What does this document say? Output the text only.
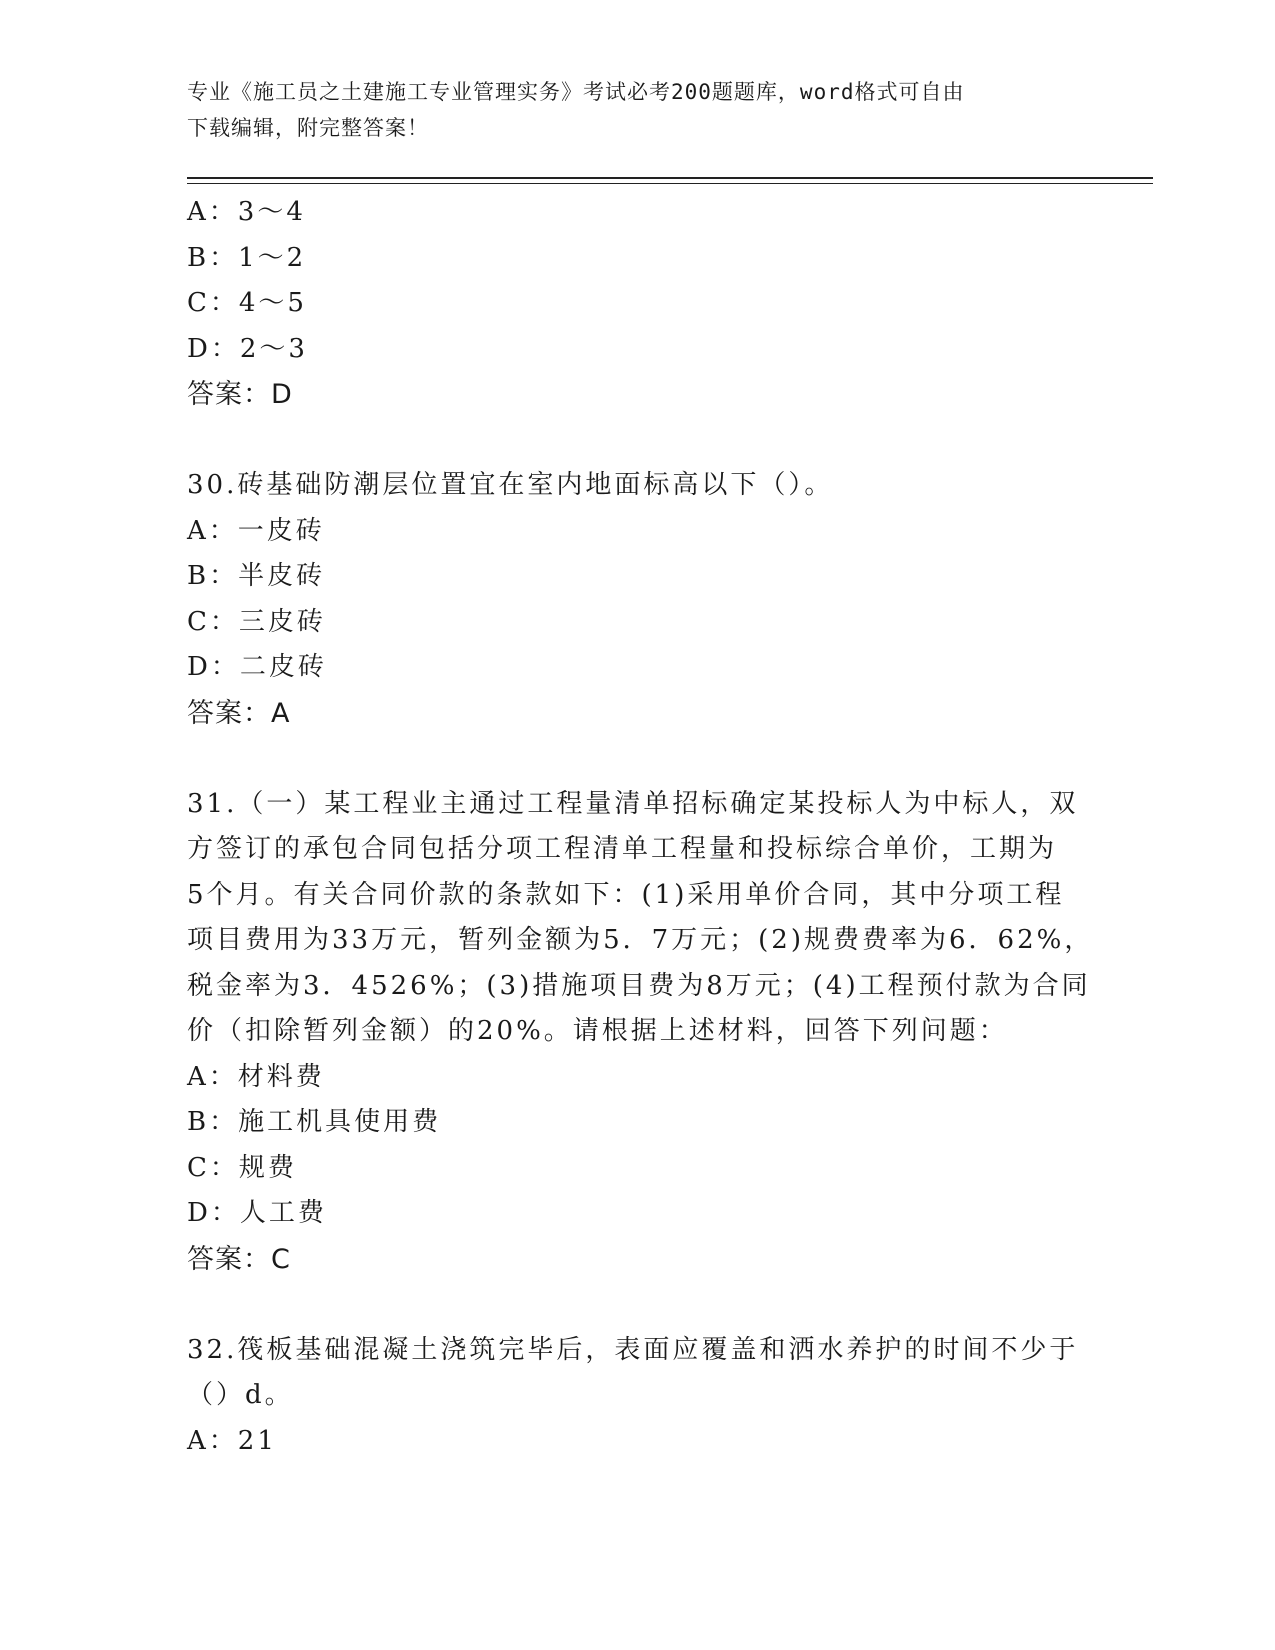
专业《施工员之土建施工专业管理实务》考试必考200题题库，word格式可自由
下载编辑，附完整答案！
A：3～4
B：1～2
C：4～5
D：2～3
答案：D
30.砖基础防潮层位置宜在室内地面标高以下（）。
A：一皮砖
B：半皮砖
C：三皮砖
D：二皮砖
答案：A
31.（一）某工程业主通过工程量清单招标确定某投标人为中标人，双
方签订的承包合同包括分项工程清单工程量和投标综合单价，工期为
5个月。有关合同价款的条款如下：(1)采用单价合同，其中分项工程
项目费用为33万元，暂列金额为5．7万元；(2)规费费率为6．62%，
税金率为3．4526%；(3)措施项目费为8万元；(4)工程预付款为合同
价（扣除暂列金额）的20%。请根据上述材料，回答下列问题：
A：材料费
B：施工机具使用费
C：规费
D：人工费
答案：C
32.筏板基础混凝土浇筑完毕后，表面应覆盖和洒水养护的时间不少于
（）d。
A：21
